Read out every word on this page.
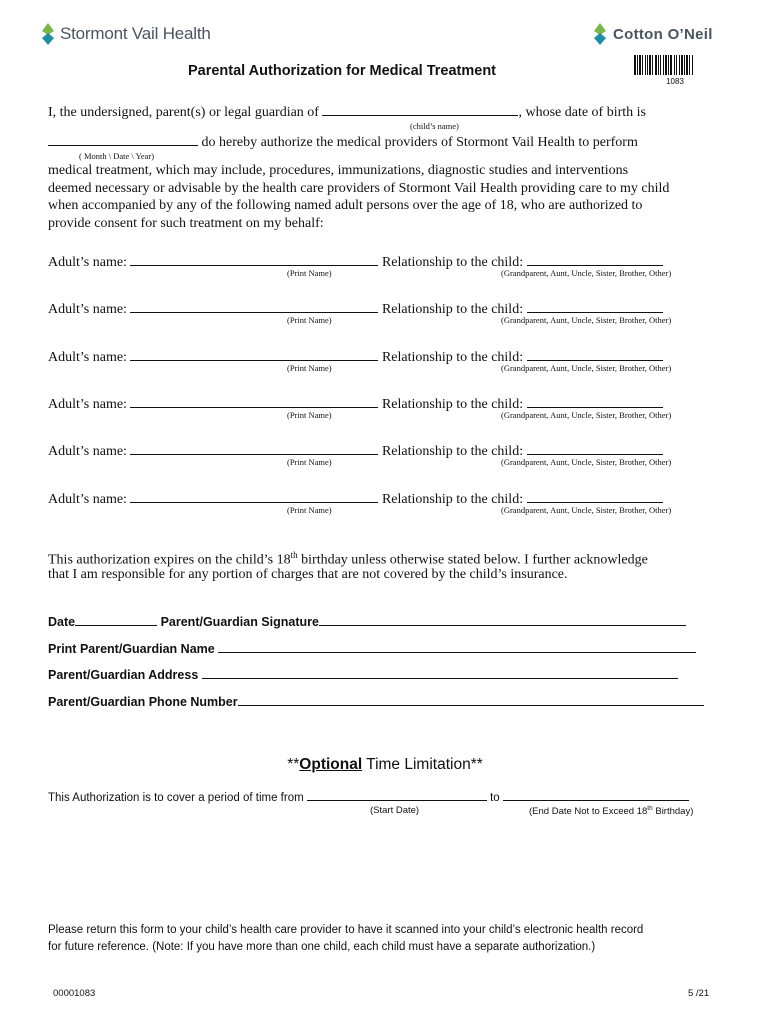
Stormont Vail Health	Cotton O’Neil
Parental Authorization for Medical Treatment
1083
I, the undersigned, parent(s) or legal guardian of	, whose date of birth is
(child’s name)
do hereby authorize the medical providers of Stormont Vail Health to perform
( Month \ Date \ Year)
medical treatment, which may include, procedures, immunizations, diagnostic studies and interventions
deemed necessary or advisable by the health care providers of Stormont Vail Health providing care to my child
when accompanied by any of the following named adult persons over the age of 18, who are authorized to
provide consent for such treatment on my behalf:
Adult’s name:	Relationship to the child:
(Print Name)	(Grandparent, Aunt, Uncle, Sister, Brother, Other)
Adult’s name:	Relationship to the child:
(Print Name)	(Grandparent, Aunt, Uncle, Sister, Brother, Other)
Adult’s name:	Relationship to the child:
(Print Name)	(Grandparent, Aunt, Uncle, Sister, Brother, Other)
Adult’s name:	Relationship to the child:
(Print Name)	(Grandparent, Aunt, Uncle, Sister, Brother, Other)
Adult’s name:	Relationship to the child:
(Print Name)	(Grandparent, Aunt, Uncle, Sister, Brother, Other)
Adult’s name:	Relationship to the child:
(Print Name)	(Grandparent, Aunt, Uncle, Sister, Brother, Other)
This authorization expires on the child’s 18th birthday unless otherwise stated below. I further acknowledge
that I am responsible for any portion of charges that are not covered by the child’s insurance.
Date	Parent/Guardian Signature
Print Parent/Guardian Name
Parent/Guardian Address
Parent/Guardian Phone Number
**Optional Time Limitation**
This Authorization is to cover a period of time from	to
(Start Date)	(End Date Not to Exceed 18th Birthday)
Please return this form to your child’s health care provider to have it scanned into your child’s electronic health record
for future reference. (Note: If you have more than one child, each child must have a separate authorization.)
00001083	5 /21
